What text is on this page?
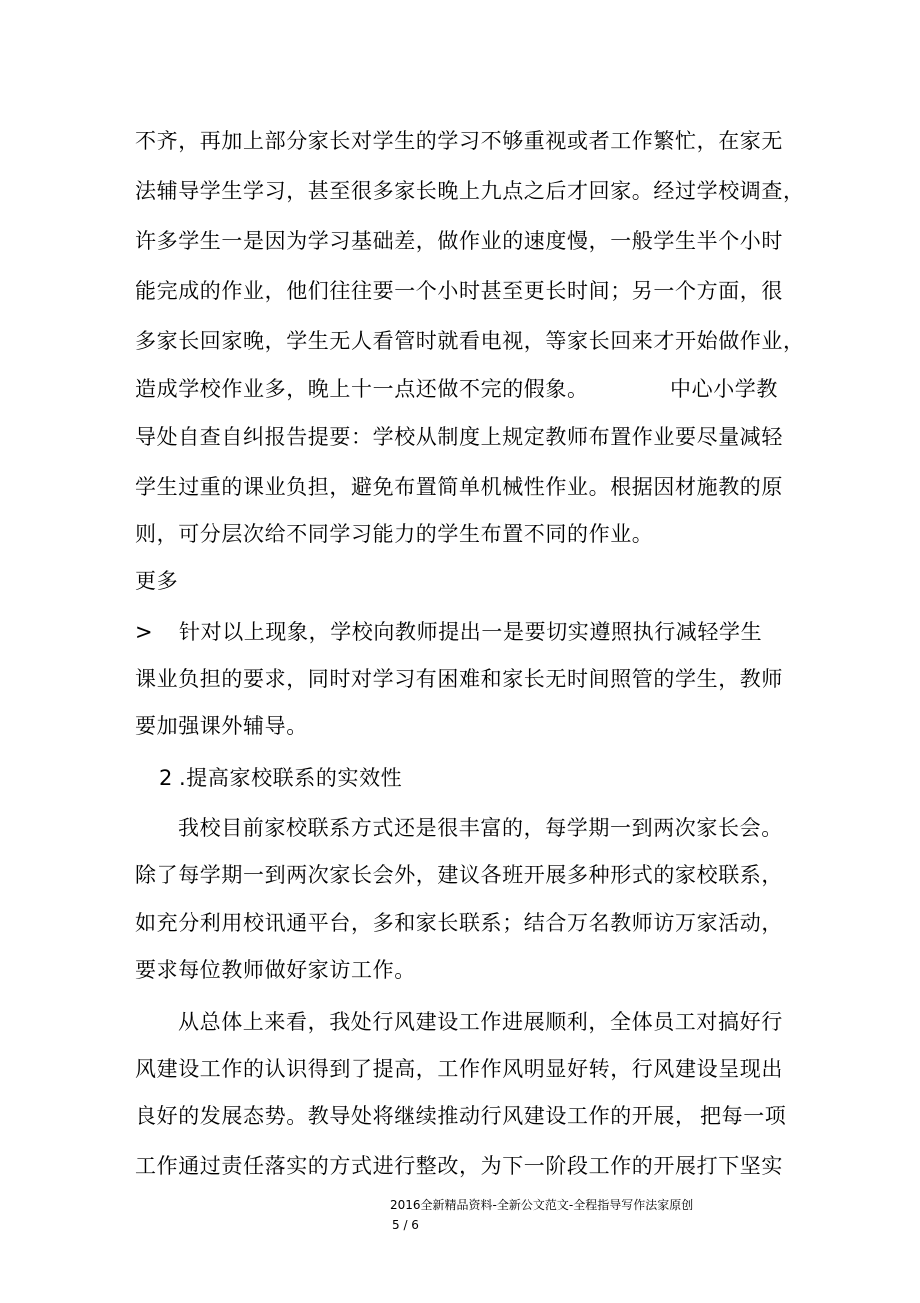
不齐，再加上部分家长对学生的学习不够重视或者工作繁忙，在家无
法辅导学生学习，甚至很多家长晚上九点之后才回家。经过学校调查，
许多学生一是因为学习基础差，做作业的速度慢，一般学生半个小时
能完成的作业，他们往往要一个小时甚至更长时间；另一个方面，很
多家长回家晚，学生无人看管时就看电视，等家长回来才开始做作业，
造成学校作业多，晚上十一点还做不完的假象。	中心小学教
导处自查自纠报告提要：学校从制度上规定教师布置作业要尽量减轻
学生过重的课业负担，避免布置简单机械性作业。根据因材施教的原
则，可分层次给不同学习能力的学生布置不同的作业。
更多
> 针对以上现象，学校向教师提出一是要切实遵照执行减轻学生
课业负担的要求，同时对学习有困难和家长无时间照管的学生，教师
要加强课外辅导。
2 .提高家校联系的实效性
我校目前家校联系方式还是很丰富的，每学期一到两次家长会。
除了每学期一到两次家长会外，建议各班开展多种形式的家校联系，
如充分利用校讯通平台，多和家长联系；结合万名教师访万家活动，
要求每位教师做好家访工作。
从总体上来看，我处行风建设工作进展顺利，全体员工对搞好行
风建设工作的认识得到了提高，工作作风明显好转，行风建设呈现出
良好的发展态势。教导处将继续推动行风建设工作的开展， 把每一项
工作通过责任落实的方式进行整改，为下一阶段工作的开展打下坚实
2016全新精品资料-全新公文范文-全程指导写作法家原创
5 / 6
